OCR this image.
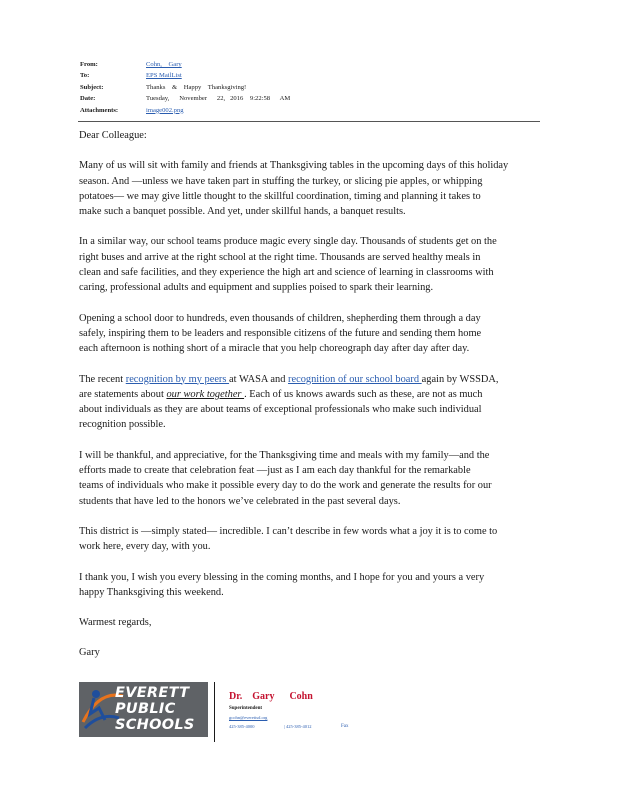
From:	Cohn,    Gary
To:	EPS MailList
Subject:	Thanks    &    Happy    Thanksgiving!
Date:	Tuesday,      November      22,   2016    9:22:58      AM
Attachments:	image002.png

Dear Colleague:

Many of us will sit with family and friends at Thanksgiving tables in the upcoming days of this holiday

season. And —unless we have taken part in stuffing the turkey, or slicing pie apples, or whipping

potatoes— we may give little thought to the skillful coordination, timing and planning it takes to

make such a banquet possible. And yet, under skillful hands, a banquet results.

In a similar way, our school teams produce magic every single day. Thousands of students get on the

right buses and arrive at the right school at the right time. Thousands are served healthy meals in

clean and safe facilities, and they experience the high art and science of learning in classrooms with

caring, professional adults and equipment and supplies poised to spark their learning.

Opening a school door to hundreds, even thousands of children, shepherding them through a day

safely, inspiring them to be leaders and responsible citizens of the future and sending them home

each afternoon is nothing short of a miracle that you help choreograph day after day after day.

The recent recognition by my peers at WASA and recognition of our school board again by WSSDA,

are statements about our work together . Each of us knows awards such as these, are not as much

about individuals as they are about teams of exceptional professionals who make such individual

recognition possible.

I will be thankful, and appreciative, for the Thanksgiving time and meals with my family—and the

efforts made to create that celebration feat —just as I am each day thankful for the remarkable

teams of individuals who make it possible every day to do the work and generate the results for our

students that have led to the honors we’ve celebrated in the past several days.

This district is —simply stated— incredible. I can’t describe in few words what a joy it is to come to

work here, every day, with you.

I thank you, I wish you every blessing in the coming months, and I hope for you and yours a very

happy Thanksgiving this weekend.

Warmest regards,

Gary

EVERETT
PUBLIC
SCHOOLS
Dr.    Gary      Cohn
Superintendent
gcohn@everettsd.org
425-385-4000	| 425-385-4012	Fax
